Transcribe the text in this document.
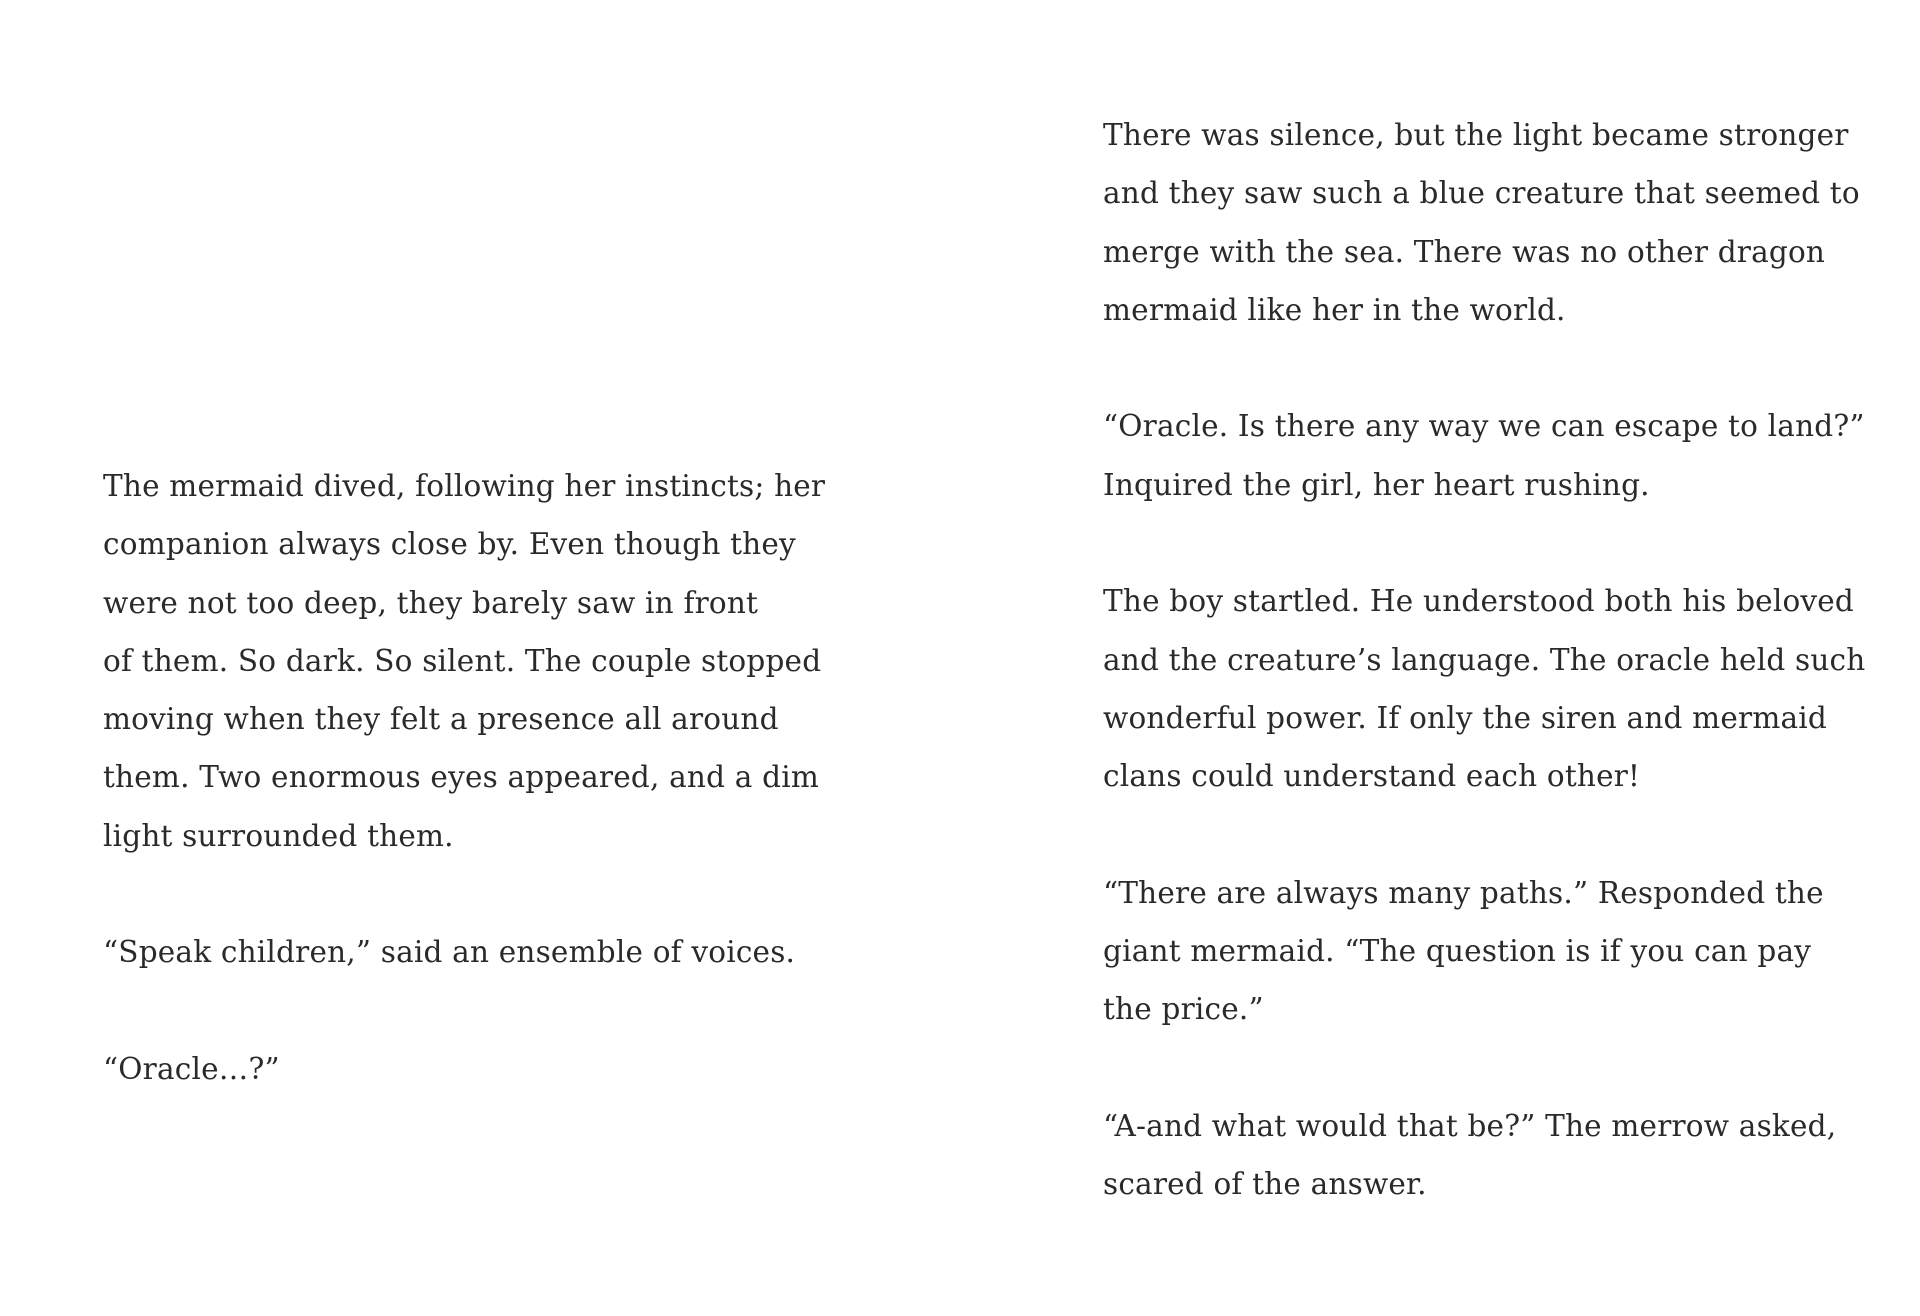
The mermaid dived, following her instincts; her
companion always close by. Even though they
were not too deep, they barely saw in front
of them. So dark. So silent. The couple stopped
moving when they felt a presence all around
them. Two enormous eyes appeared, and a dim
light surrounded them.

“Speak children,” said an ensemble of voices.

“Oracle…?”

There was silence, but the light became stronger
and they saw such a blue creature that seemed to
merge with the sea. There was no other dragon
mermaid like her in the world.

“Oracle. Is there any way we can escape to land?”
Inquired the girl, her heart rushing.

The boy startled. He understood both his beloved
and the creature’s language. The oracle held such
wonderful power. If only the siren and mermaid
clans could understand each other!

“There are always many paths.” Responded the
giant mermaid. “The question is if you can pay
the price.”

“A-and what would that be?” The merrow asked,
scared of the answer.
